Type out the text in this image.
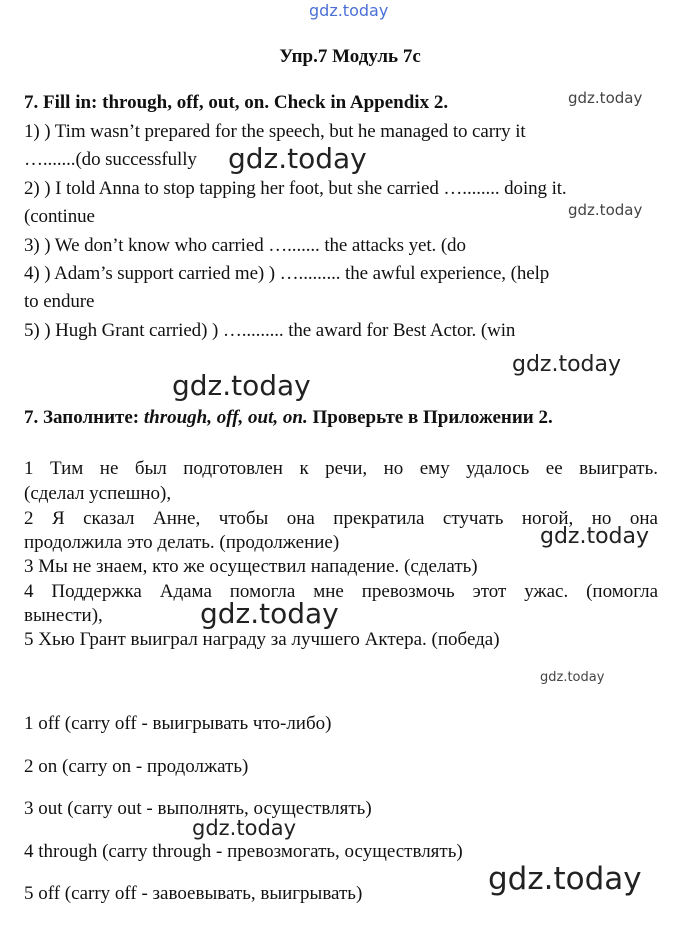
gdz.today
gdz.today
gdz.today
gdz.today
gdz.today
gdz.today
gdz.today
gdz.today
gdz.today
gdz.today
gdz.today
Упр.7 Модуль 7с
7. Fill in: through, off, out, on. Check in Appendix 2.
1) ) Tim wasn’t prepared for the speech, but he managed to carry it
….......(do successfully
2) ) I told Anna to stop tapping her foot, but she carried …........ doing it.
(continue
3) ) We don’t know who carried …....... the attacks yet. (do
4) ) Adam’s support carried me) ) …......... the awful experience, (help
to endure
5) ) Hugh Grant carried) ) …......... the award for Best Actor. (win
7. Заполните: through, off, out, on. Проверьте в Приложении 2.
1 Тим не был подготовлен к речи, но ему удалось ее выиграть.
(сделал успешно),
2 Я сказал Анне, чтобы она прекратила стучать ногой, но она
продолжила это делать. (продолжение)
3 Мы не знаем, кто же осуществил нападение. (сделать)
4 Поддержка Адама помогла мне превозмочь этот ужас. (помогла
вынести),
5 Хью Грант выиграл награду за лучшего Актера. (победа)
1 off (carry off - выигрывать что-либо)
2 on (carry on - продолжать)
3 out (carry out - выполнять, осуществлять)
4 through (carry through - превозмогать, осуществлять)
5 off (carry off - завоевывать, выигрывать)
